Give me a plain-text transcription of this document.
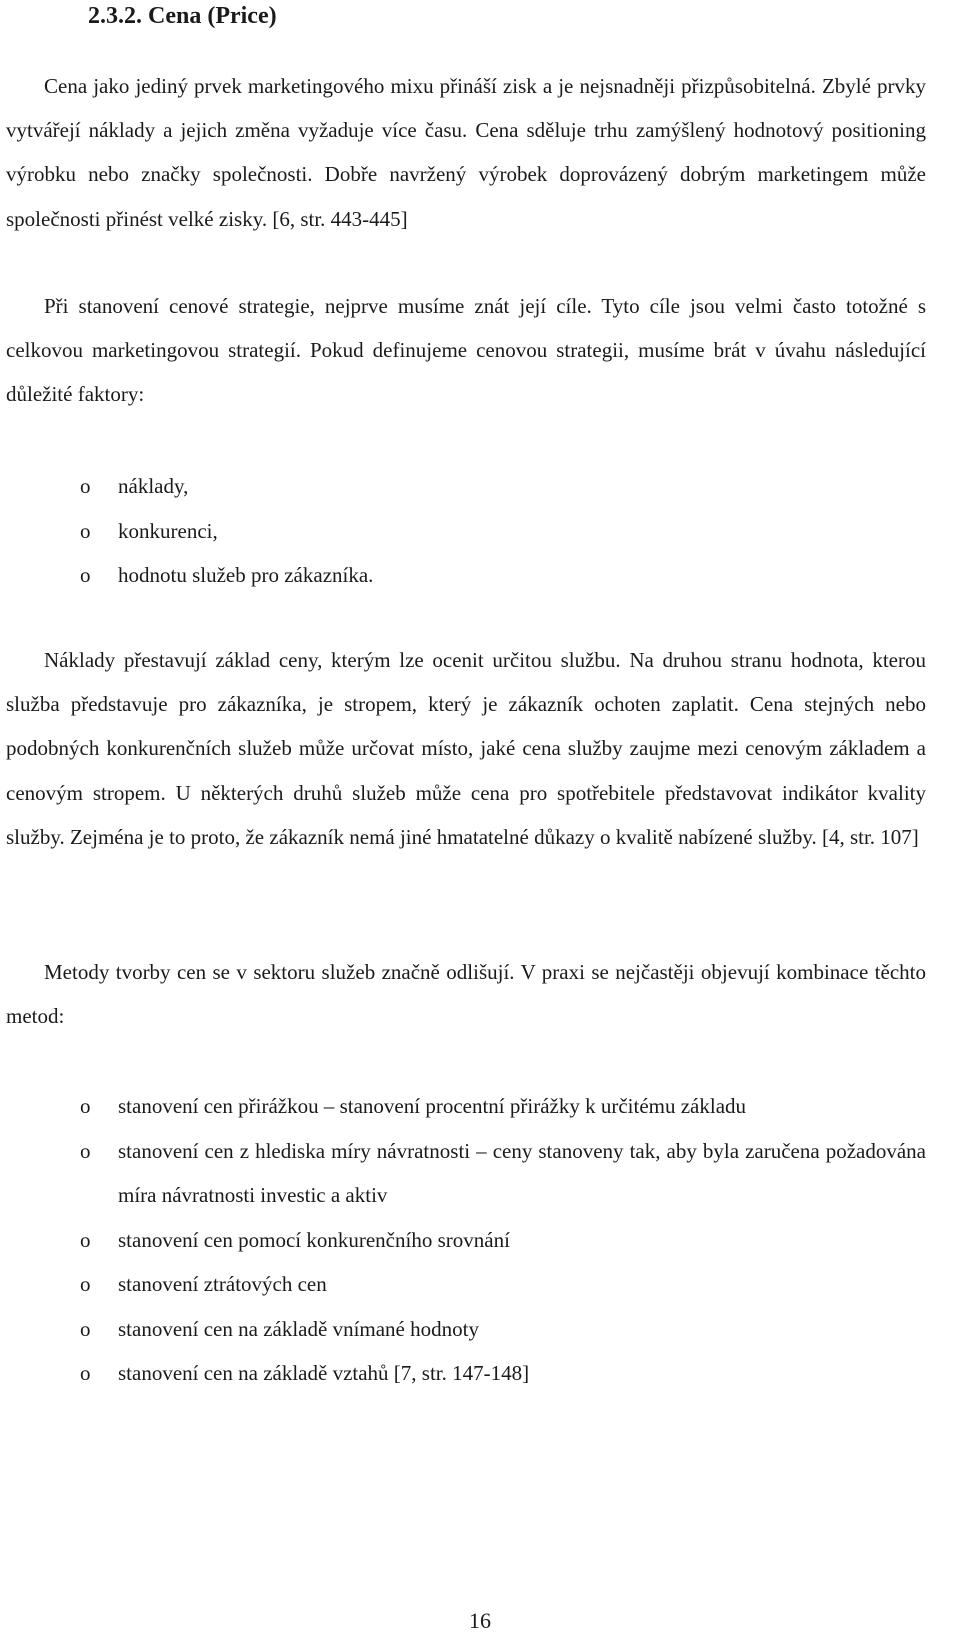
2.3.2. Cena (Price)

Cena jako jediný prvek marketingového mixu přináší zisk a je nejsnadněji přizpůsobitelná. Zbylé prvky vytvářejí náklady a jejich změna vyžaduje více času. Cena sděluje trhu zamýšlený hodnotový positioning výrobku nebo značky společnosti. Dobře navržený výrobek doprovázený dobrým marketingem může společnosti přinést velké zisky. [6, str. 443-445]

Při stanovení cenové strategie, nejprve musíme znát její cíle. Tyto cíle jsou velmi často totožné s celkovou marketingovou strategií. Pokud definujeme cenovou strategii, musíme brát v úvahu následující důležité faktory:

o náklady,
o konkurenci,
o hodnotu služeb pro zákazníka.

Náklady přestavují základ ceny, kterým lze ocenit určitou službu. Na druhou stranu hodnota, kterou služba představuje pro zákazníka, je stropem, který je zákazník ochoten zaplatit. Cena stejných nebo podobných konkurenčních služeb může určovat místo, jaké cena služby zaujme mezi cenovým základem a cenovým stropem. U některých druhů služeb může cena pro spotřebitele představovat indikátor kvality služby. Zejména je to proto, že zákazník nemá jiné hmatatelné důkazy o kvalitě nabízené služby. [4, str. 107]

Metody tvorby cen se v sektoru služeb značně odlišují. V praxi se nejčastěji objevují kombinace těchto metod:

o stanovení cen přirážkou – stanovení procentní přirážky k určitému základu
o stanovení cen z hlediska míry návratnosti – ceny stanoveny tak, aby byla zaručena požadována míra návratnosti investic a aktiv
o stanovení cen pomocí konkurenčního srovnání
o stanovení ztrátových cen
o stanovení cen na základě vnímané hodnoty
o stanovení cen na základě vztahů [7, str. 147-148]
16
